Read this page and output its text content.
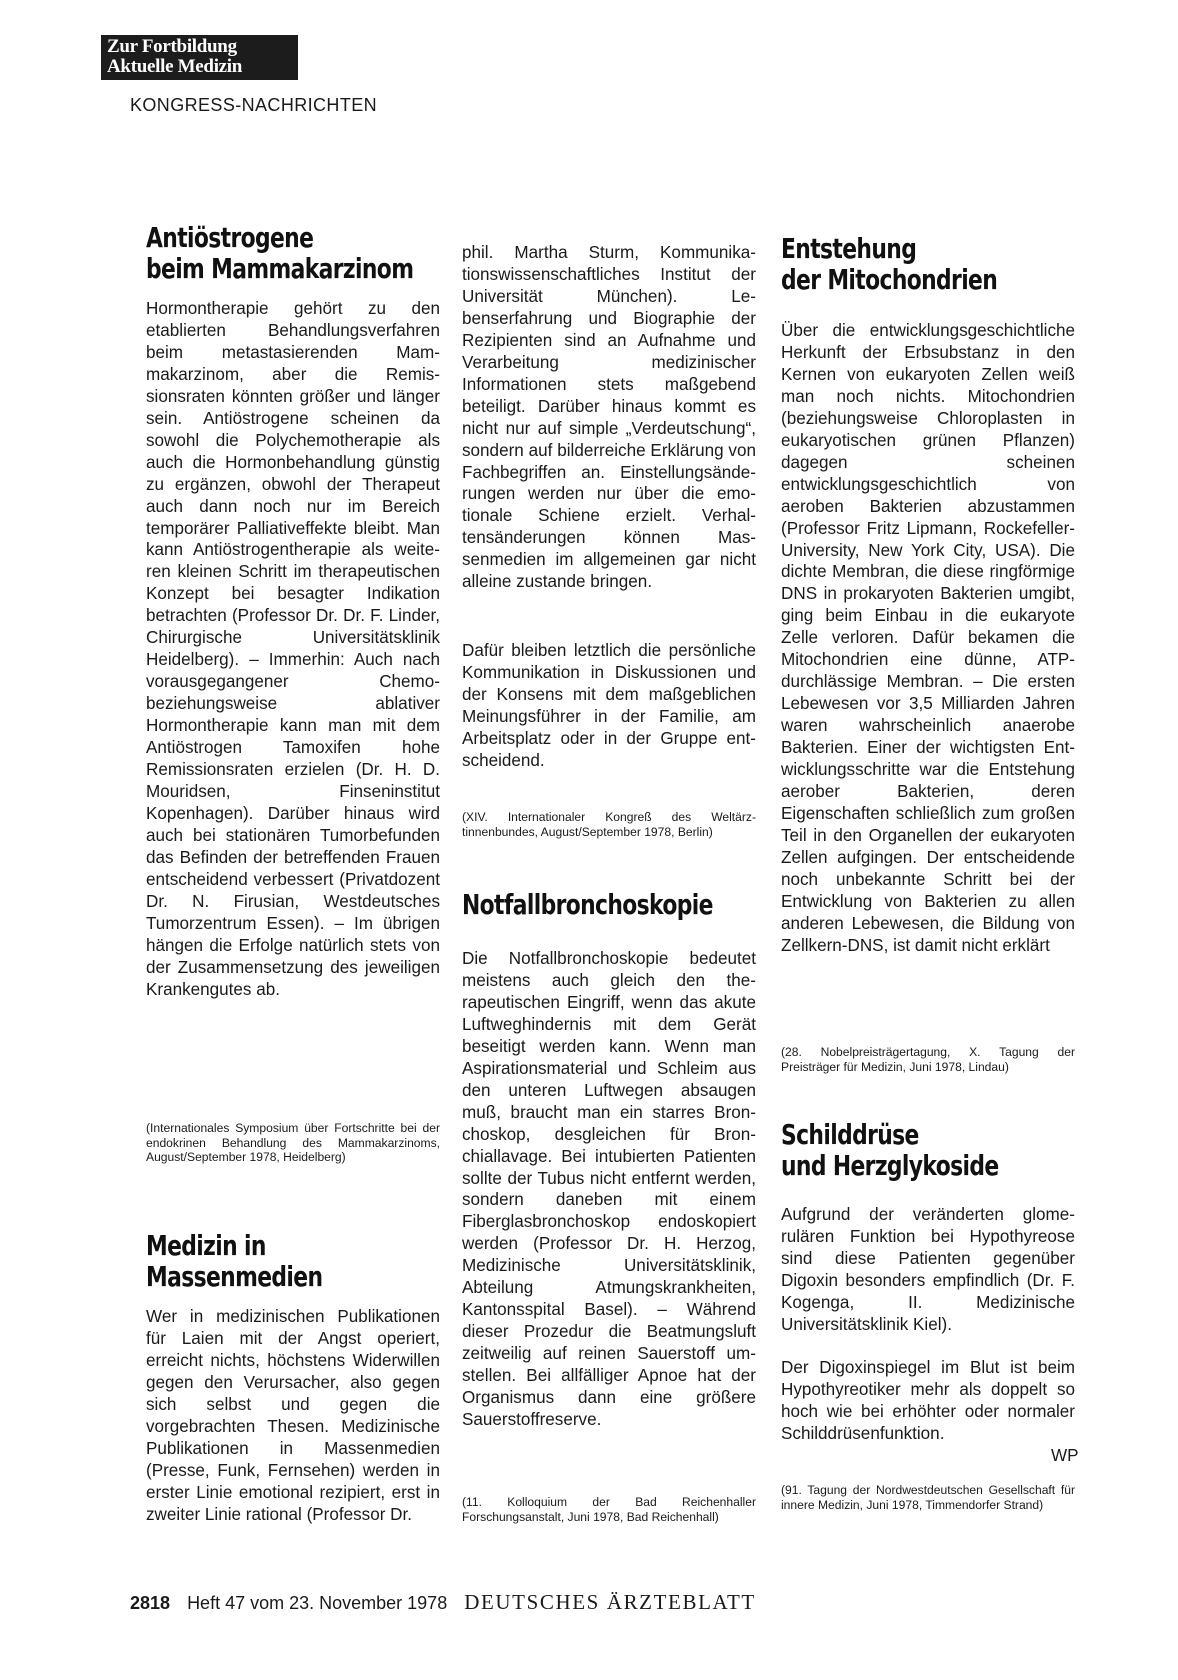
Zur Fortbildung
Aktuelle Medizin
KONGRESS-NACHRICHTEN
Antiöstrogene
beim Mammakarzinom
Hormontherapie gehört zu den etablierten Behandlungsverfahren beim metastasierenden Mammakarzinom, aber die Remissionsraten könnten größer und länger sein. Antiöstrogene scheinen da sowohl die Polychemotherapie als auch die Hormonbehandlung günstig zu ergänzen, obwohl der Therapeut auch dann noch nur im Bereich temporärer Palliativeffekte bleibt. Man kann Antiöstrogentherapie als weiteren kleinen Schritt im therapeutischen Konzept bei besagter Indikation betrachten (Professor Dr. Dr. F. Linder, Chirurgische Universitätsklinik Heidelberg). – Immerhin: Auch nach vorausgegangener Chemo- beziehungsweise ablativer Hormontherapie kann man mit dem Antiöstrogen Tamoxifen hohe Remissionsraten erzielen (Dr. H. D. Mouridsen, Finseninstitut Kopenhagen). Darüber hinaus wird auch bei stationären Tumorbefunden das Befinden der betreffenden Frauen entscheidend verbessert (Privatdozent Dr. N. Firusian, Westdeutsches Tumorzentrum Essen). – Im übrigen hängen die Erfolge natürlich stets von der Zusammensetzung des jeweiligen Krankengutes ab.
(Internationales Symposium über Fortschritte bei der endokrinen Behandlung des Mammakarzinoms, August/September 1978, Heidelberg)
Medizin in
Massenmedien
Wer in medizinischen Publikationen für Laien mit der Angst operiert, erreicht nichts, höchstens Widerwillen gegen den Verursacher, also gegen sich selbst und gegen die vorgebrachten Thesen. Medizinische Publikationen in Massenmedien (Presse, Funk, Fernsehen) werden in erster Linie emotional rezipiert, erst in zweiter Linie rational (Professor Dr.
phil. Martha Sturm, Kommunikationswissenschaftliches Institut der Universität München). Lebenserfahrung und Biographie der Rezipienten sind an Aufnahme und Verarbeitung medizinischer Informationen stets maßgebend beteiligt. Darüber hinaus kommt es nicht nur auf simple „Verdeutschung“, sondern auf bilderreiche Erklärung von Fachbegriffen an. Einstellungsänderungen werden nur über die emotionale Schiene erzielt. Verhaltensänderungen können Massenmedien im allgemeinen gar nicht alleine zustande bringen.
Dafür bleiben letztlich die persönliche Kommunikation in Diskussionen und der Konsens mit dem maßgeblichen Meinungsführer in der Familie, am Arbeitsplatz oder in der Gruppe entscheidend.
(XIV. Internationaler Kongreß des Weltärztinnenbundes, August/September 1978, Berlin)
Notfallbronchoskopie
Die Notfallbronchoskopie bedeutet meistens auch gleich den therapeutischen Eingriff, wenn das akute Luftweghindernis mit dem Gerät beseitigt werden kann. Wenn man Aspirationsmaterial und Schleim aus den unteren Luftwegen absaugen muß, braucht man ein starres Bronchoskop, desgleichen für Bronchiallavage. Bei intubierten Patienten sollte der Tubus nicht entfernt werden, sondern daneben mit einem Fiberglasbronchoskop endoskopiert werden (Professor Dr. H. Herzog, Medizinische Universitätsklinik, Abteilung Atmungskrankheiten, Kantonsspital Basel). – Während dieser Prozedur die Beatmungsluft zeitweilig auf reinen Sauerstoff umstellen. Bei allfälliger Apnoe hat der Organismus dann eine größere Sauerstoffreserve.
(11. Kolloquium der Bad Reichenhaller Forschungsanstalt, Juni 1978, Bad Reichenhall)
Entstehung
der Mitochondrien
Über die entwicklungsgeschichtliche Herkunft der Erbsubstanz in den Kernen von eukaryoten Zellen weiß man noch nichts. Mitochondrien (beziehungsweise Chloroplasten in eukaryotischen grünen Pflanzen) dagegen scheinen entwicklungsgeschichtlich von aeroben Bakterien abzustammen (Professor Fritz Lipmann, Rockefeller-University, New York City, USA). Die dichte Membran, die diese ringförmige DNS in prokaryoten Bakterien umgibt, ging beim Einbau in die eukaryote Zelle verloren. Dafür bekamen die Mitochondrien eine dünne, ATP-durchlässige Membran. – Die ersten Lebewesen vor 3,5 Milliarden Jahren waren wahrscheinlich anaerobe Bakterien. Einer der wichtigsten Entwicklungsschritte war die Entstehung aerober Bakterien, deren Eigenschaften schließlich zum großen Teil in den Organellen der eukaryoten Zellen aufgingen. Der entscheidende noch unbekannte Schritt bei der Entwicklung von Bakterien zu allen anderen Lebewesen, die Bildung von Zellkern-DNS, ist damit nicht erklärt
(28. Nobelpreisträgertagung, X. Tagung der Preisträger für Medizin, Juni 1978, Lindau)
Schilddrüse
und Herzglykoside
Aufgrund der veränderten glomerulären Funktion bei Hypothyreose sind diese Patienten gegenüber Digoxin besonders empfindlich (Dr. F. Kogenga, II. Medizinische Universitätsklinik Kiel).
Der Digoxinspiegel im Blut ist beim Hypothyreotiker mehr als doppelt so hoch wie bei erhöhter oder normaler Schilddrüsenfunktion.
WP
(91. Tagung der Nordwestdeutschen Gesellschaft für innere Medizin, Juni 1978, Timmendorfer Strand)
2818 Heft 47 vom 23. November 1978 DEUTSCHES ÄRZTEBLATT
